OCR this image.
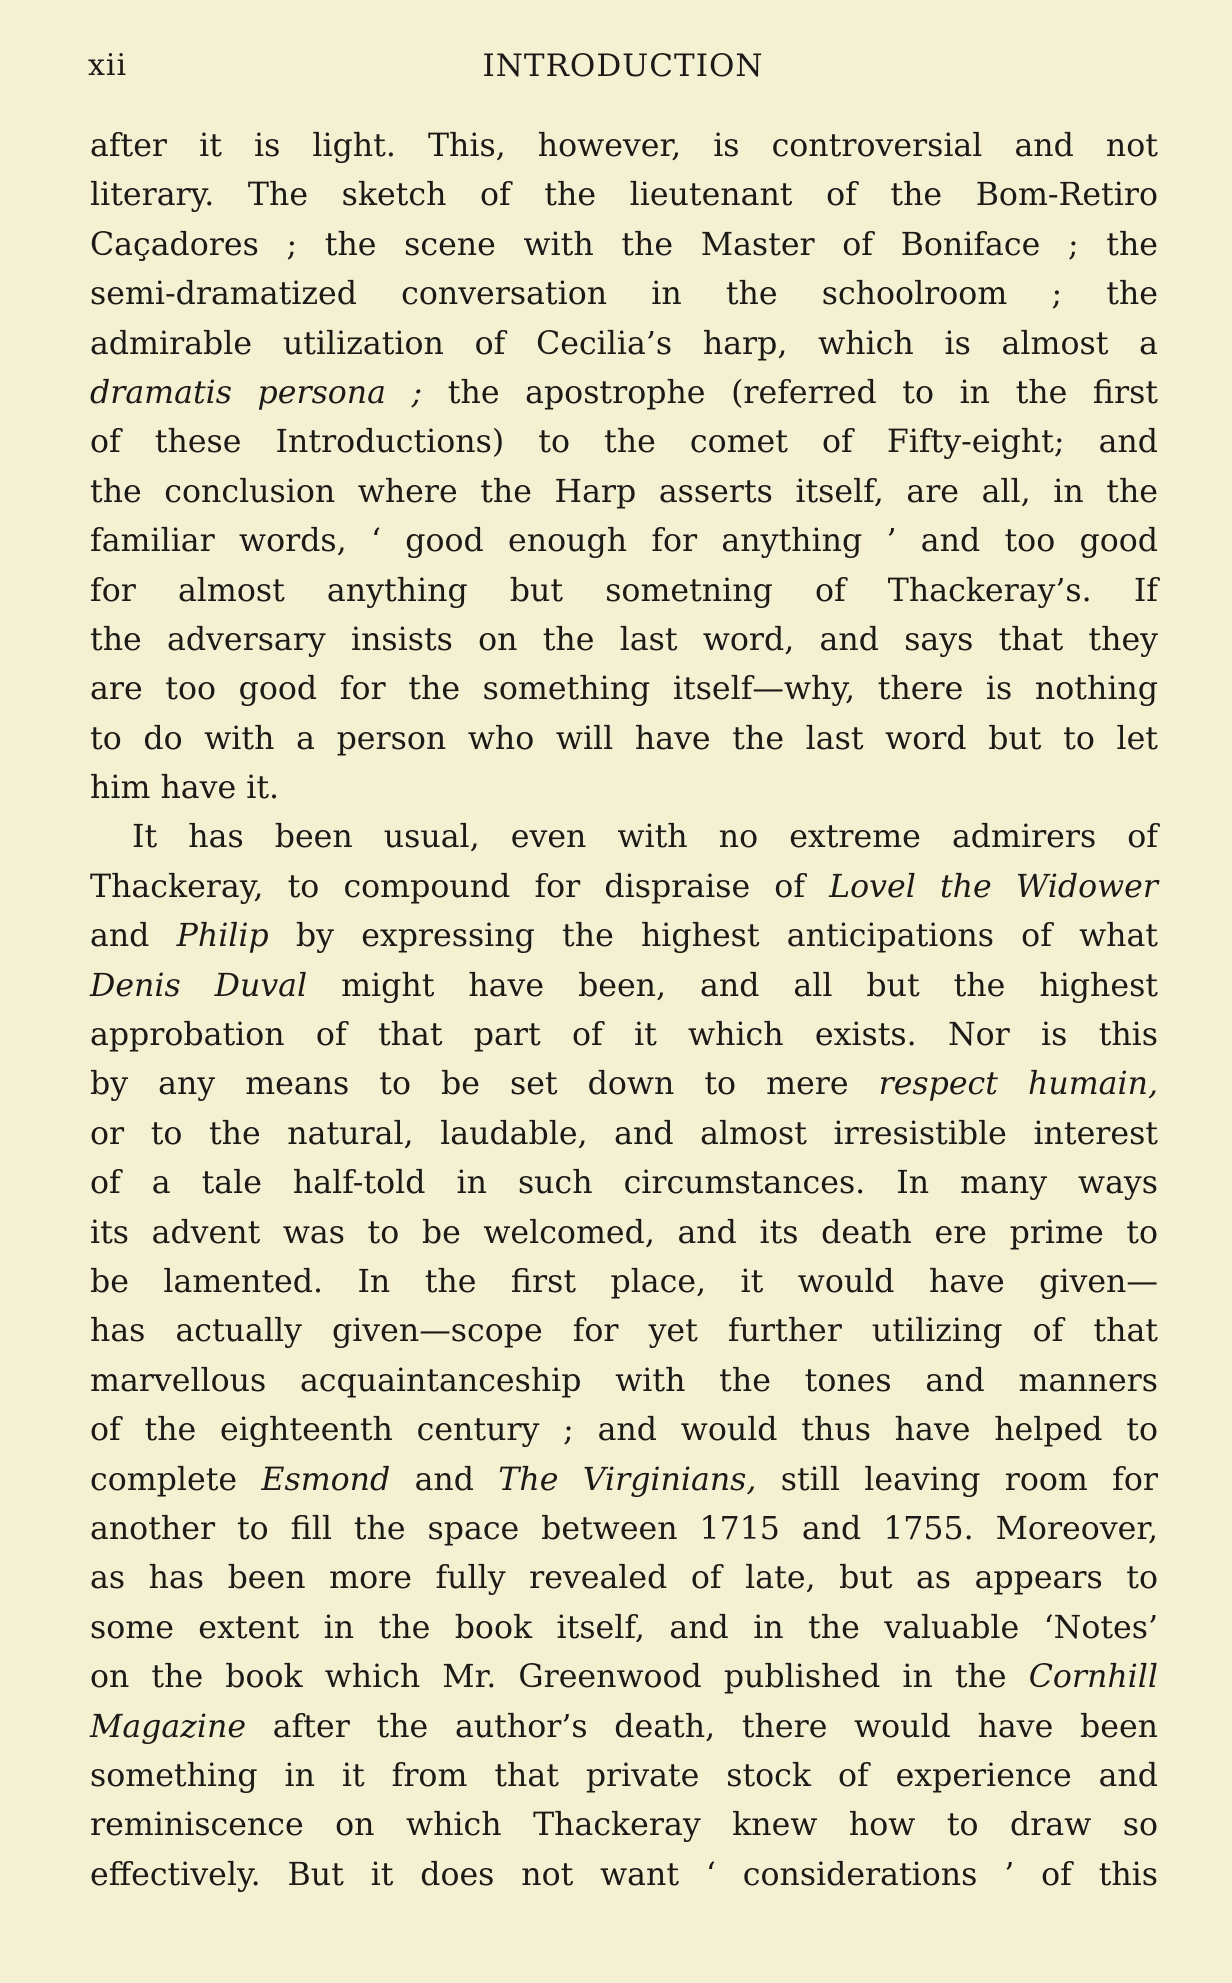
xii	INTRODUCTION
after it is light. This, however, is controversial and not
literary. The sketch of the lieutenant of the Bom-Retiro
Caçadores ; the scene with the Master of Boniface ; the
semi-dramatized conversation in the schoolroom ; the
admirable utilization of Cecilia’s harp, which is almost a
dramatis persona ; the apostrophe (referred to in the first
of these Introductions) to the comet of Fifty-eight; and
the conclusion where the Harp asserts itself, are all, in the
familiar words, ‘ good enough for anything ’ and too good
for almost anything but sometning of Thackeray’s. If
the adversary insists on the last word, and says that they
are too good for the something itself—why, there is nothing
to do with a person who will have the last word but to let
him have it.
It has been usual, even with no extreme admirers of
Thackeray, to compound for dispraise of Lovel the Widower
and Philip by expressing the highest anticipations of what
Denis Duval might have been, and all but the highest
approbation of that part of it which exists. Nor is this
by any means to be set down to mere respect humain,
or to the natural, laudable, and almost irresistible interest
of a tale half-told in such circumstances. In many ways
its advent was to be welcomed, and its death ere prime to
be lamented. In the first place, it would have given—
has actually given—scope for yet further utilizing of that
marvellous acquaintanceship with the tones and manners
of the eighteenth century ; and would thus have helped to
complete Esmond and The Virginians, still leaving room for
another to fill the space between 1715 and 1755. Moreover,
as has been more fully revealed of late, but as appears to
some extent in the book itself, and in the valuable ‘Notes’
on the book which Mr. Greenwood published in the Cornhill
Magazine after the author’s death, there would have been
something in it from that private stock of experience and
reminiscence on which Thackeray knew how to draw so
effectively. But it does not want ‘ considerations ’ of this
